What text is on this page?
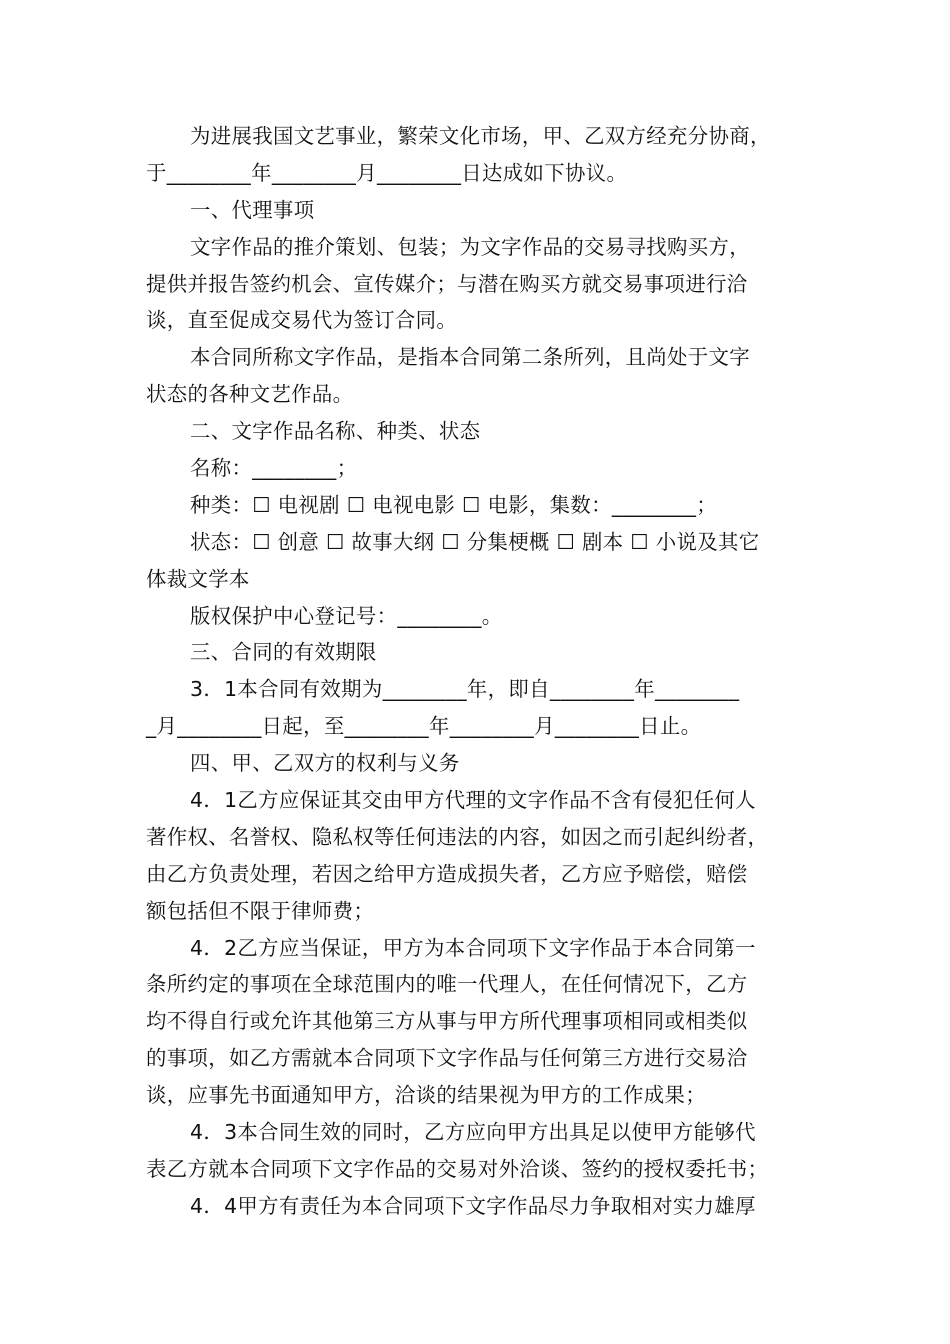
为进展我国文艺事业，繁荣文化市场，甲、乙双方经充分协商，
于________年________月________日达成如下协议。
一、代理事项
文字作品的推介策划、包装；为文字作品的交易寻找购买方，
提供并报告签约机会、宣传媒介；与潜在购买方就交易事项进行洽
谈，直至促成交易代为签订合同。
本合同所称文字作品，是指本合同第二条所列，且尚处于文字
状态的各种文艺作品。
二、文字作品名称、种类、状态
名称：________；
种类：☐ 电视剧 ☐ 电视电影 ☐ 电影，集数：________；
状态：☐ 创意 ☐ 故事大纲 ☐ 分集梗概 ☐ 剧本 ☐ 小说及其它
体裁文学本
版权保护中心登记号：________。
三、合同的有效期限
3．1本合同有效期为________年，即自________年________
_月________日起，至________年________月________日止。
四、甲、乙双方的权利与义务
4．1乙方应保证其交由甲方代理的文字作品不含有侵犯任何人
著作权、名誉权、隐私权等任何违法的内容，如因之而引起纠纷者，
由乙方负责处理，若因之给甲方造成损失者，乙方应予赔偿，赔偿
额包括但不限于律师费；
4．2乙方应当保证，甲方为本合同项下文字作品于本合同第一
条所约定的事项在全球范围内的唯一代理人，在任何情况下，乙方
均不得自行或允许其他第三方从事与甲方所代理事项相同或相类似
的事项，如乙方需就本合同项下文字作品与任何第三方进行交易洽
谈，应事先书面通知甲方，洽谈的结果视为甲方的工作成果；
4．3本合同生效的同时，乙方应向甲方出具足以使甲方能够代
表乙方就本合同项下文字作品的交易对外洽谈、签约的授权委托书；
4．4甲方有责任为本合同项下文字作品尽力争取相对实力雄厚
